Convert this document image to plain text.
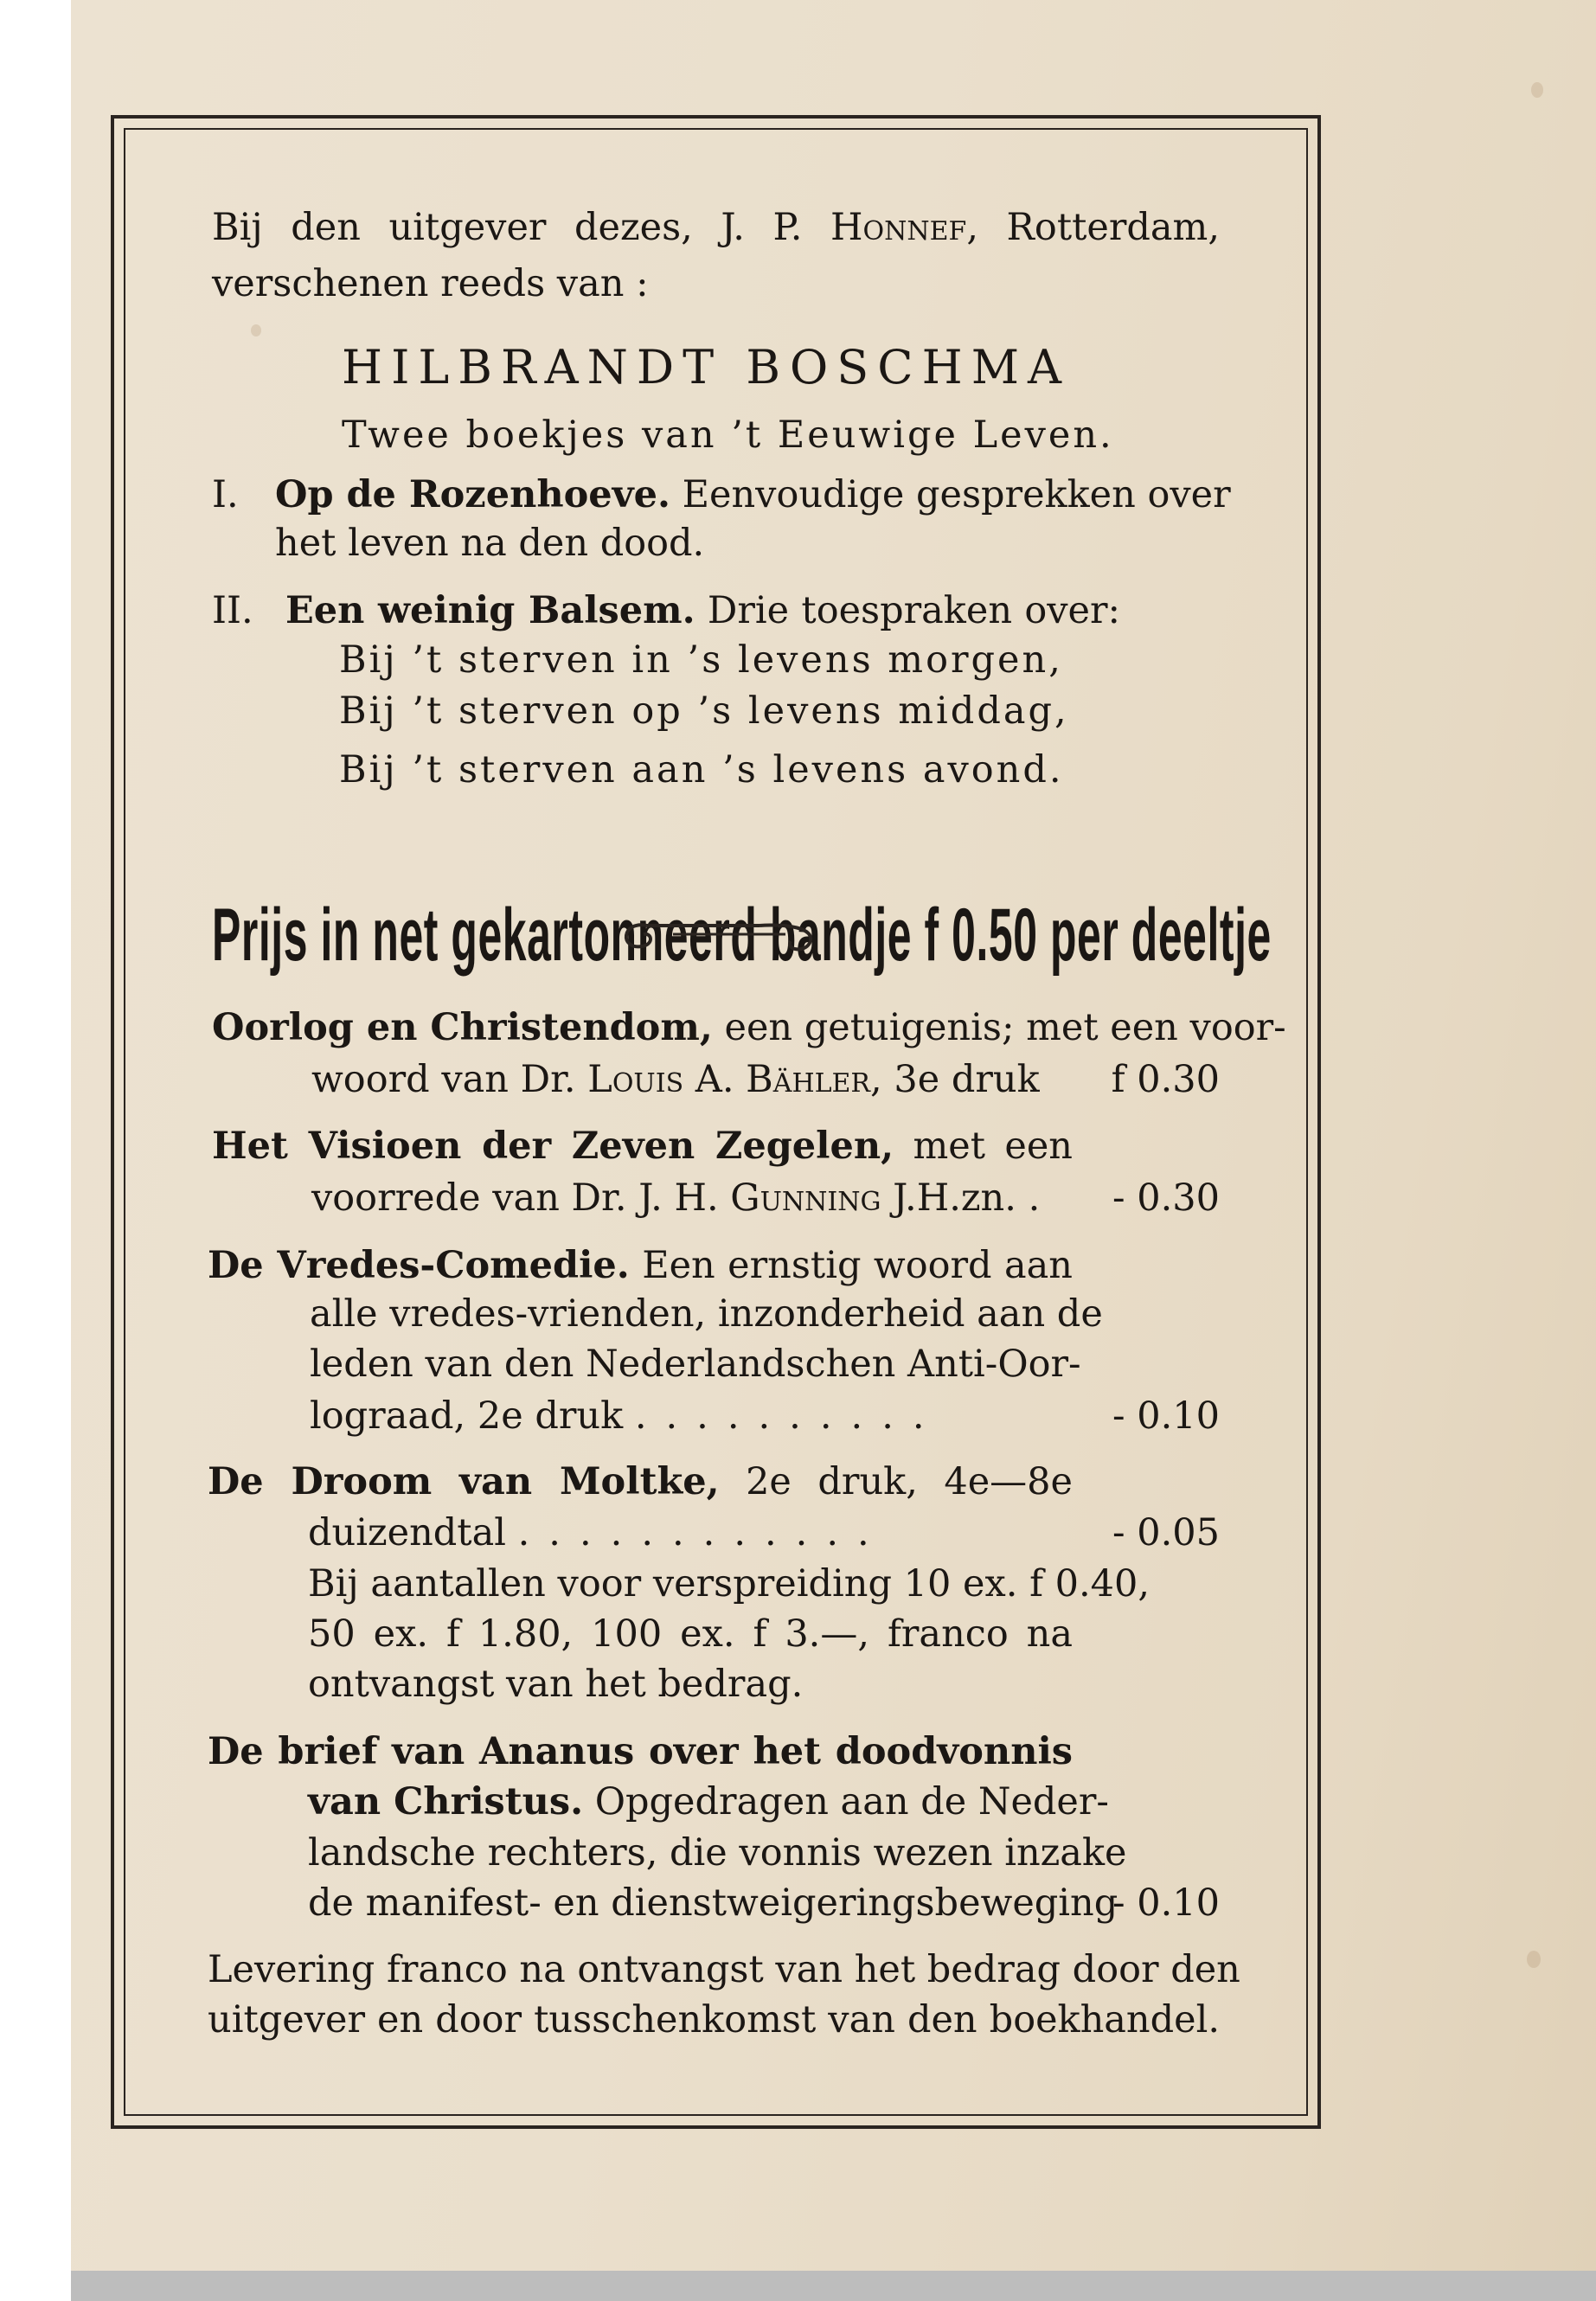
Bij den uitgever dezes, J. P. Honnef, Rotterdam,

verschenen reeds van :

HILBRANDT BOSCHMA

Twee boekjes van ’t Eeuwige Leven.

I. Op de Rozenhoeve. Eenvoudige gesprekken over

het leven na den dood.

II. Een weinig Balsem. Drie toespraken over:

Bij ’t sterven in ’s levens morgen,

Bij ’t sterven op ’s levens middag,

Bij ’t sterven aan ’s levens avond.

Prijs in net gekartonneerd bandje f 0.50 per deeltje

Oorlog en Christendom, een getuigenis; met een voor-

woord van Dr. Louis A. Bähler, 3e druk f 0.30

Het Visioen der Zeven Zegelen, met een

voorrede van Dr. J. H. Gunning J.H.zn. . - 0.30

De Vredes-Comedie. Een ernstig woord aan

alle vredes-vrienden, inzonderheid aan de

leden van den Nederlandschen Anti-Oor-

lograad, 2e druk ..........	- 0.10

De Droom van Moltke, 2e druk, 4e—8e

duizendtal ............	- 0.05

Bij aantallen voor verspreiding 10 ex. f 0.40,

50 ex. f 1.80, 100 ex. f 3.—, franco na

ontvangst van het bedrag.

De brief van Ananus over het doodvonnis

van Christus. Opgedragen aan de Neder-

landsche rechters, die vonnis wezen inzake

de manifest- en dienstweigeringsbeweging

- 0.10

Levering franco na ontvangst van het bedrag door den

uitgever en door tusschenkomst van den boekhandel.
